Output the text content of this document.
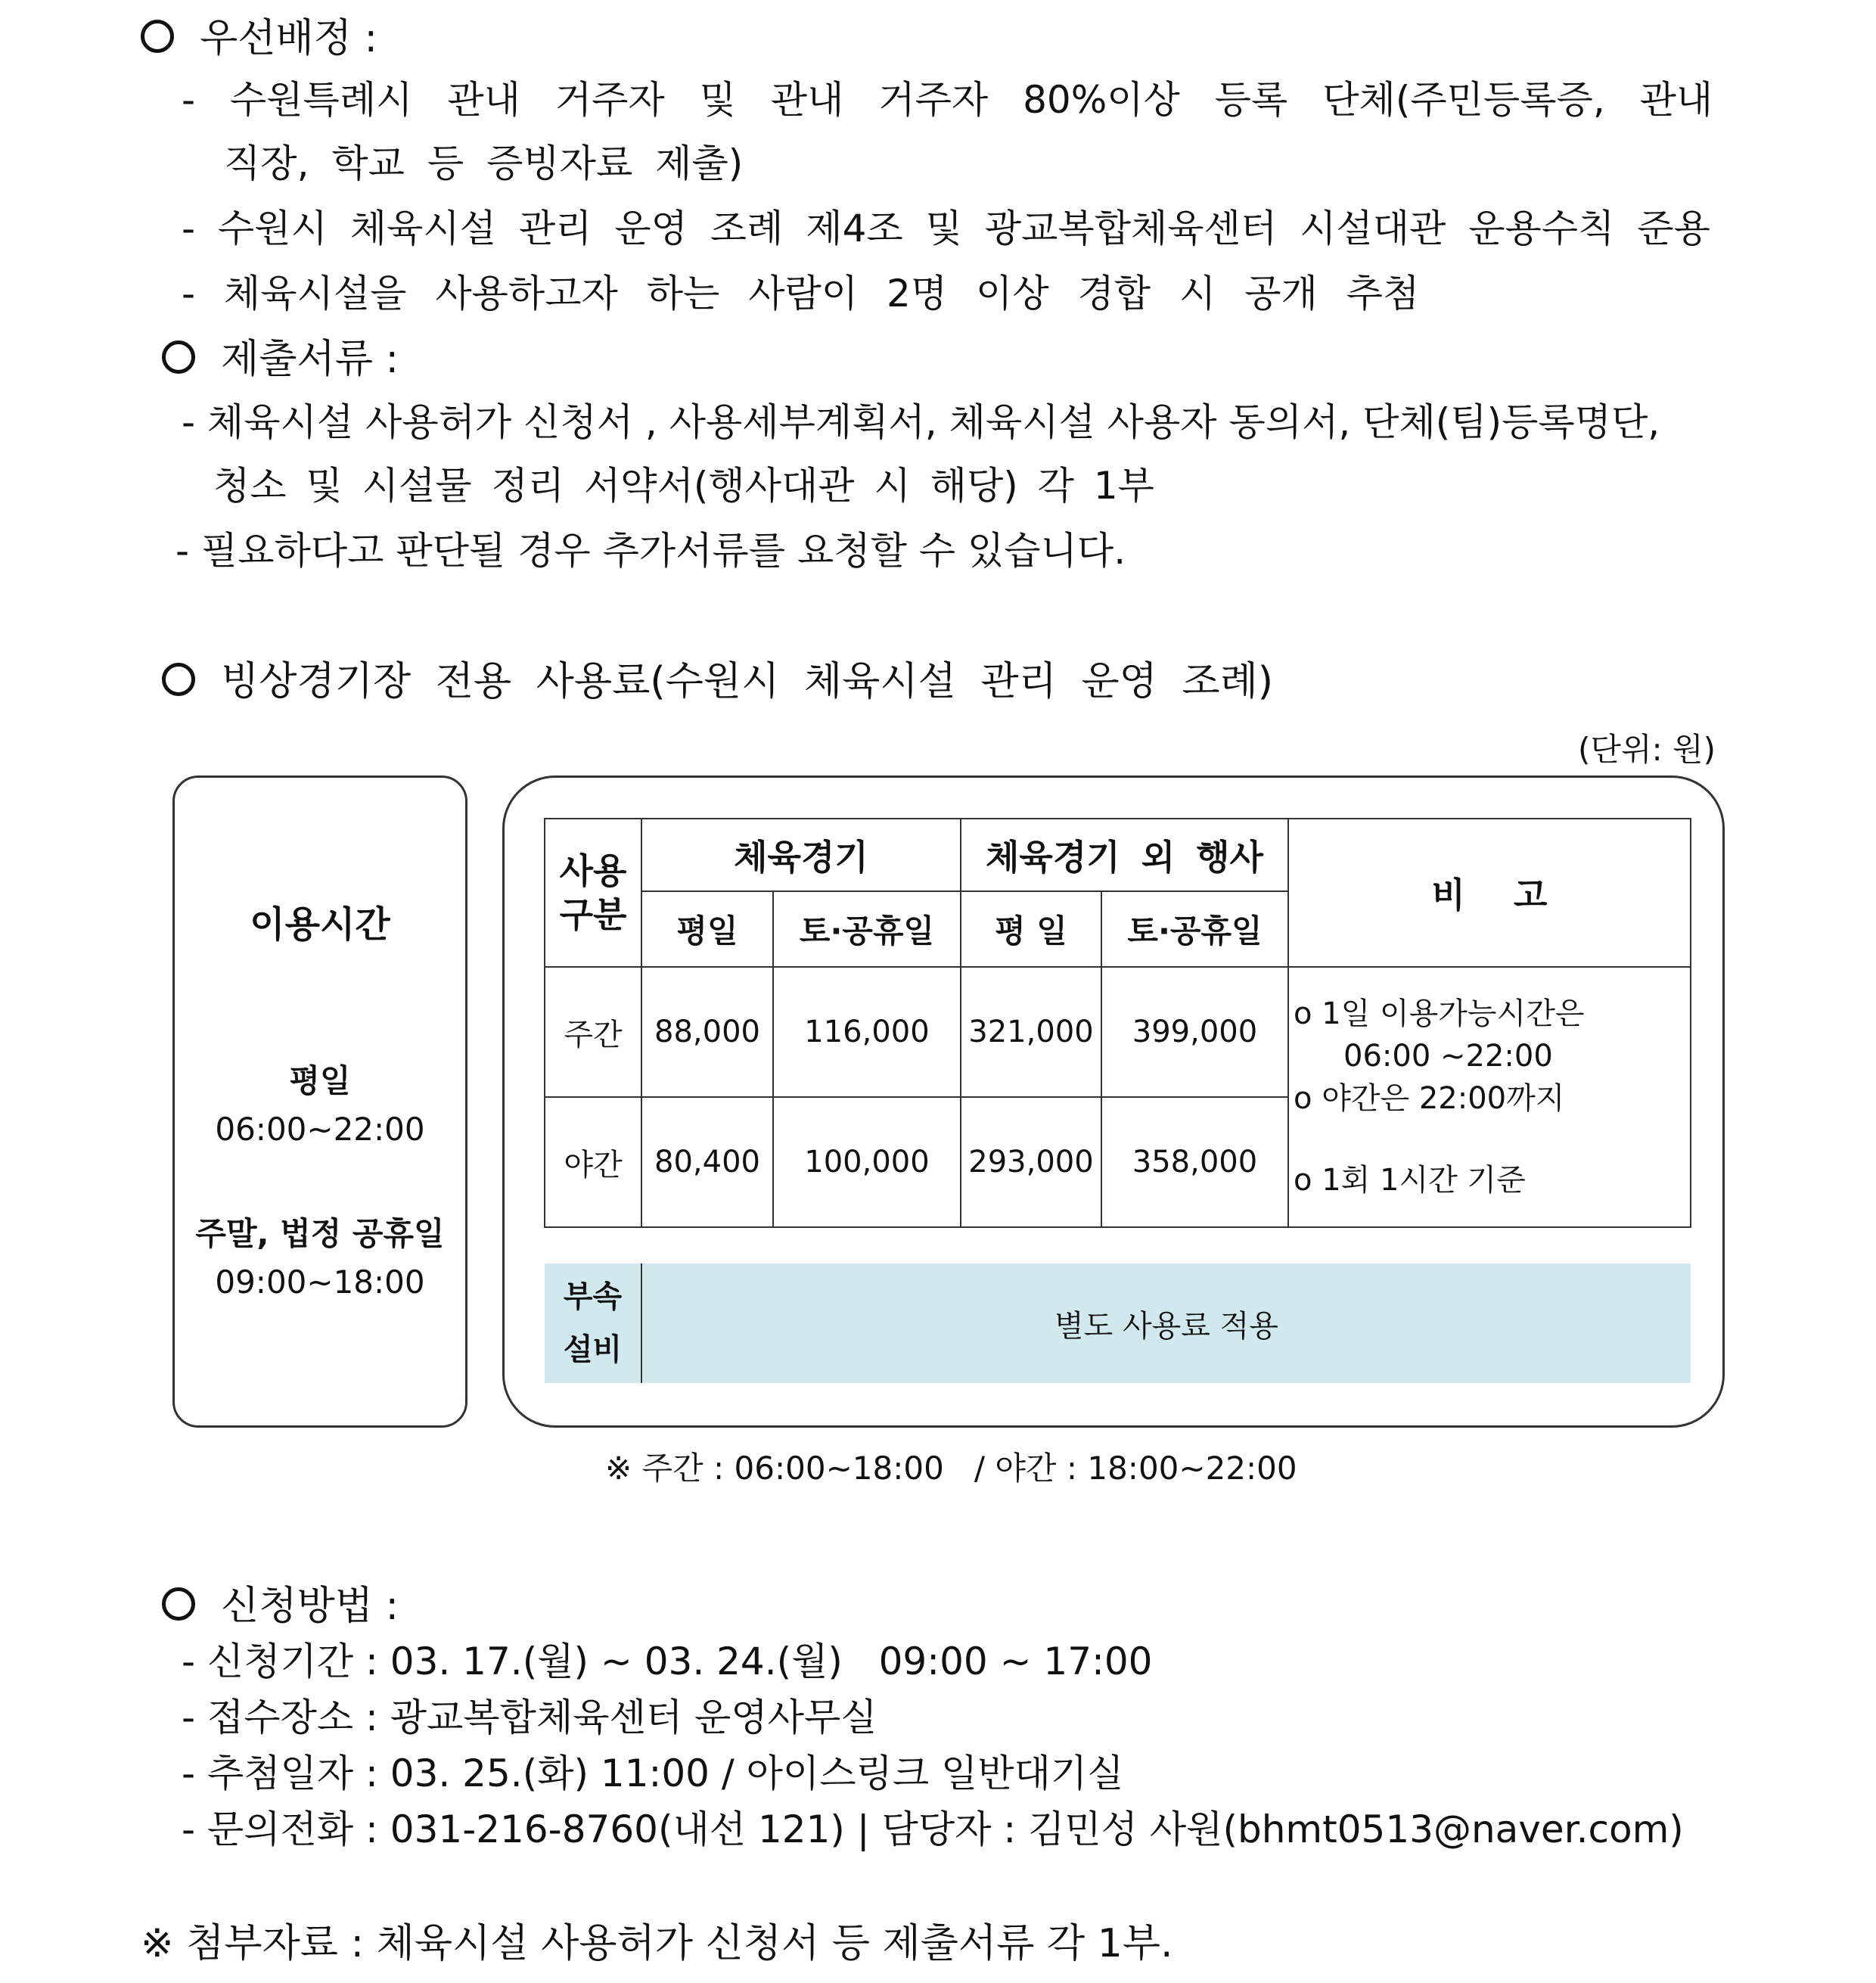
우선배정 :
- 수원특례시 관내 거주자 및 관내 거주자 80%이상 등록 단체(주민등록증, 관내
직장, 학교 등 증빙자료 제출)
- 수원시 체육시설 관리 운영 조례 제4조 및 광교복합체육센터 시설대관 운용수칙 준용
- 체육시설을 사용하고자 하는 사람이 2명 이상 경합 시 공개 추첨
제출서류 :
- 체육시설 사용허가 신청서 , 사용세부계획서, 체육시설 사용자 동의서, 단체(팀)등록명단,
청소 및 시설물 정리 서약서(행사대관 시 해당) 각 1부
- 필요하다고 판단될 경우 추가서류를 요청할 수 있습니다.
빙상경기장 전용 사용료(수원시 체육시설 관리 운영 조례)
(단위: 원)
이용시간
평일
06:00~22:00
주말, 법정 공휴일
09:00~18:00
사용
구분	체육경기		체육경기 외 행사		비    고
	평일	토·공휴일	평 일	토·공휴일	
주간	88,000	116,000	321,000	399,000	o 1일 이용가능시간은
06:00 ~22:00
o 야간은 22:00까지
o 1회 1시간 기준

야간	80,400	100,000	293,000	358,000	

부속
설비	별도 사용료 적용				
※ 주간 : 06:00~18:00   / 야간 : 18:00~22:00
신청방법 :
- 신청기간 : 03. 17.(월) ~ 03. 24.(월)   09:00 ~ 17:00
- 접수장소 : 광교복합체육센터 운영사무실
- 추첨일자 : 03. 25.(화) 11:00 / 아이스링크 일반대기실
- 문의전화 : 031-216-8760(내선 121) | 담당자 : 김민성 사원(bhmt0513@naver.com)
※ 첨부자료 : 체육시설 사용허가 신청서 등 제출서류 각 1부.
